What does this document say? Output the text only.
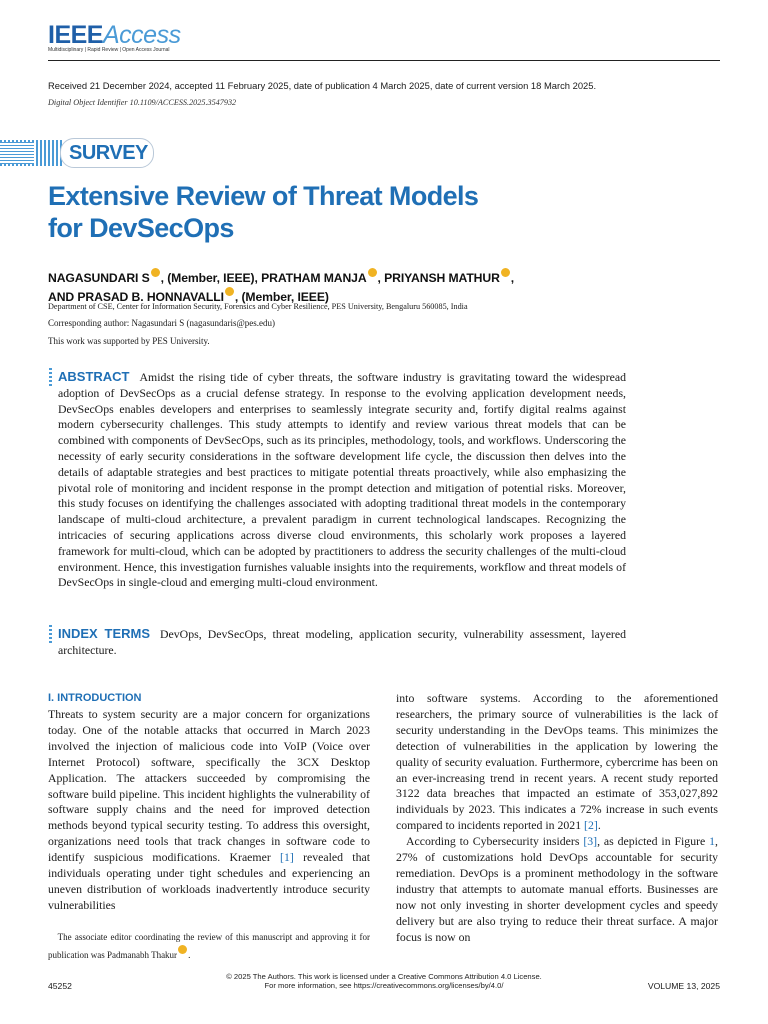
IEEEAccess
Multidisciplinary | Rapid Review | Open Access Journal
Received 21 December 2024, accepted 11 February 2025, date of publication 4 March 2025, date of current version 18 March 2025.
Digital Object Identifier 10.1109/ACCESS.2025.3547932
SURVEY
Extensive Review of Threat Models
for DevSecOps
NAGASUNDARI S , (Member, IEEE), PRATHAM MANJA , PRIYANSH MATHUR ,
AND PRASAD B. HONNAVALLI , (Member, IEEE)
Department of CSE, Center for Information Security, Forensics and Cyber Resilience, PES University, Bengaluru 560085, India
Corresponding author: Nagasundari S (nagasundaris@pes.edu)
This work was supported by PES University.
ABSTRACT Amidst the rising tide of cyber threats, the software industry is gravitating toward the widespread adoption of DevSecOps as a crucial defense strategy. In response to the evolving application development needs, DevSecOps enables developers and enterprises to seamlessly integrate security and, fortify digital realms against modern cybersecurity challenges. This study attempts to identify and review various threat models that can be combined with components of DevSecOps, such as its principles, methodology, tools, and workflows. Underscoring the necessity of early security considerations in the software development life cycle, the discussion then delves into the details of adaptable strategies and best practices to mitigate potential threats proactively, while also emphasizing the pivotal role of monitoring and incident response in the prompt detection and mitigation of potential risks. Moreover, this study focuses on identifying the challenges associated with adopting traditional threat models in the contemporary landscape of multi-cloud architecture, a prevalent paradigm in current technological landscapes. Recognizing the intricacies of securing applications across diverse cloud environments, this scholarly work proposes a layered framework for multi-cloud, which can be adopted by practitioners to address the security challenges of the multi-cloud environment. Hence, this investigation furnishes valuable insights into the requirements, workflow and threat models of DevSecOps in single-cloud and emerging multi-cloud environment.
INDEX TERMS DevOps, DevSecOps, threat modeling, application security, vulnerability assessment, layered architecture.
I. INTRODUCTION

Threats to system security are a major concern for organizations today. One of the notable attacks that occurred in March 2023 involved the injection of malicious code into VoIP (Voice over Internet Protocol) software, specifically the 3CX Desktop Application. The attackers succeeded by compromising the software build pipeline. This incident highlights the vulnerability of software supply chains and the need for improved detection methods beyond typical security testing. To address this oversight, organizations need tools that track changes in software code to identify suspicious modifications. Kraemer [1] revealed that individuals operating under tight schedules and experiencing an uneven distribution of workloads inadvertently introduce security vulnerabilities

The associate editor coordinating the review of this manuscript and approving it for publication was Padmanabh Thakur .

into software systems. According to the aforementioned researchers, the primary source of vulnerabilities is the lack of security understanding in the DevOps teams. This minimizes the detection of vulnerabilities in the application by lowering the quality of security evaluation. Furthermore, cybercrime has been on an ever-increasing trend in recent years. A recent study reported 3122 data breaches that impacted an estimate of 353,027,892 individuals by 2023. This indicates a 72% increase in such events compared to incidents reported in 2021 [2].

According to Cybersecurity insiders [3], as depicted in Figure 1, 27% of customizations hold DevOps accountable for security remediation. DevOps is a prominent methodology in the software industry that attempts to automate manual efforts. Businesses are now not only investing in shorter development cycles and speedy delivery but are also trying to reduce their threat surface. A major focus is now on

© 2025 The Authors. This work is licensed under a Creative Commons Attribution 4.0 License.
For more information, see https://creativecommons.org/licenses/by/4.0/
45252	VOLUME 13, 2025
